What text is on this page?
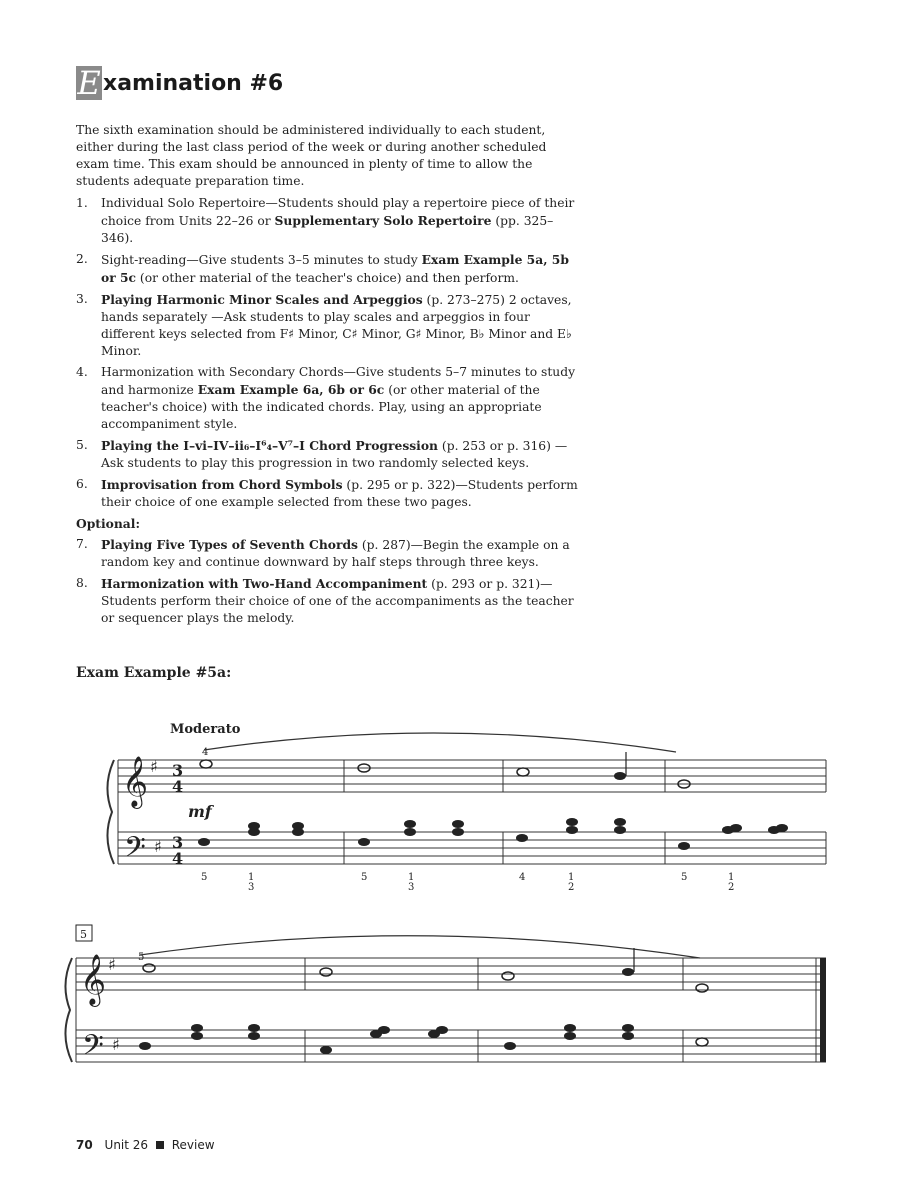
E xamination #6
The sixth examination should be administered individually to each student, either during the last class period of the week or during another scheduled exam time. This exam should be announced in plenty of time to allow the students adequate preparation time.
1.	Individual Solo Repertoire—Students should play a repertoire piece of their choice from Units 22–26 or Supplementary Solo Repertoire (pp. 325–346).
2.	Sight-reading—Give students 3–5 minutes to study Exam Example 5a, 5b or 5c (or other material of the teacher's choice) and then perform.
3.	Playing Harmonic Minor Scales and Arpeggios (p. 273–275) 2 octaves, hands separately —Ask students to play scales and arpeggios in four different keys selected from F♯ Minor, C♯ Minor, G♯ Minor, B♭ Minor and E♭ Minor.
4.	Harmonization with Secondary Chords—Give students 5–7 minutes to study and harmonize Exam Example 6a, 6b or 6c (or other material of the teacher's choice) with the indicated chords. Play, using an appropriate accompaniment style.
5.	Playing the I–vi–IV–ii₆–I⁶₄–V⁷–I Chord Progression (p. 253 or p. 316) —Ask students to play this progression in two randomly selected keys.
6.	Improvisation from Chord Symbols (p. 295 or p. 322)—Students perform their choice of one example selected from these two pages.
Optional:
7.	Playing Five Types of Seventh Chords (p. 287)—Begin the example on a random key and continue downward by half steps through three keys.
8.	Harmonization with Two-Hand Accompaniment (p. 293 or p. 321)—Students perform their choice of one of the accompaniments as the teacher or sequencer plays the melody.
Exam Example #5a:
𝄞
𝄢
♯
♯
𝄞
𝄢
♯
♯
3
4
3
4
Moderato
mf
4
5
5	1
3
5	1
3
4	1
2
5	1
2
5
70 Unit 26 Review
